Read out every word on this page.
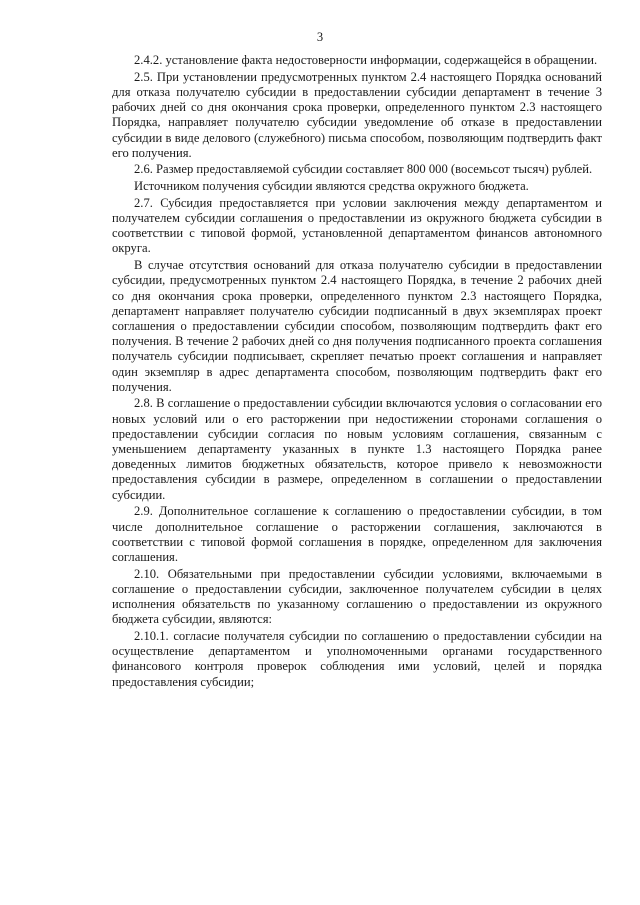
3

2.4.2. установление факта недостоверности информации, содержащейся в обращении.

2.5. При установлении предусмотренных пунктом 2.4 настоящего Порядка оснований для отказа получателю субсидии в предоставлении субсидии департамент в течение 3 рабочих дней со дня окончания срока проверки, определенного пунктом 2.3 настоящего Порядка, направляет получателю субсидии уведомление об отказе в предоставлении субсидии в виде делового (служебного) письма способом, позволяющим подтвердить факт его получения.

2.6. Размер предоставляемой субсидии составляет 800 000 (восемьсот тысяч) рублей.

Источником получения субсидии являются средства окружного бюджета.

2.7. Субсидия предоставляется при условии заключения между департаментом и получателем субсидии соглашения о предоставлении из окружного бюджета субсидии в соответствии с типовой формой, установленной департаментом финансов автономного округа.

В случае отсутствия оснований для отказа получателю субсидии в предоставлении субсидии, предусмотренных пунктом 2.4 настоящего Порядка, в течение 2 рабочих дней со дня окончания срока проверки, определенного пунктом 2.3 настоящего Порядка, департамент направляет получателю субсидии подписанный в двух экземплярах проект соглашения о предоставлении субсидии способом, позволяющим подтвердить факт его получения. В течение 2 рабочих дней со дня получения подписанного проекта соглашения получатель субсидии подписывает, скрепляет печатью проект соглашения и направляет один экземпляр в адрес департамента способом, позволяющим подтвердить факт его получения.

2.8. В соглашение о предоставлении субсидии включаются условия о согласовании его новых условий или о его расторжении при недостижении сторонами соглашения о предоставлении субсидии согласия по новым условиям соглашения, связанным с уменьшением департаменту указанных в пункте 1.3 настоящего Порядка ранее доведенных лимитов бюджетных обязательств, которое привело к невозможности предоставления субсидии в размере, определенном в соглашении о предоставлении субсидии.

2.9. Дополнительное соглашение к соглашению о предоставлении субсидии, в том числе дополнительное соглашение о расторжении соглашения, заключаются в соответствии с типовой формой соглашения в порядке, определенном для заключения соглашения.

2.10. Обязательными при предоставлении субсидии условиями, включаемыми в соглашение о предоставлении субсидии, заключенное получателем субсидии в целях исполнения обязательств по указанному соглашению о предоставлении из окружного бюджета субсидии, являются:

2.10.1. согласие получателя субсидии по соглашению о предоставлении субсидии на осуществление департаментом и уполномоченными органами государственного финансового контроля проверок соблюдения ими условий, целей и порядка предоставления субсидии;
